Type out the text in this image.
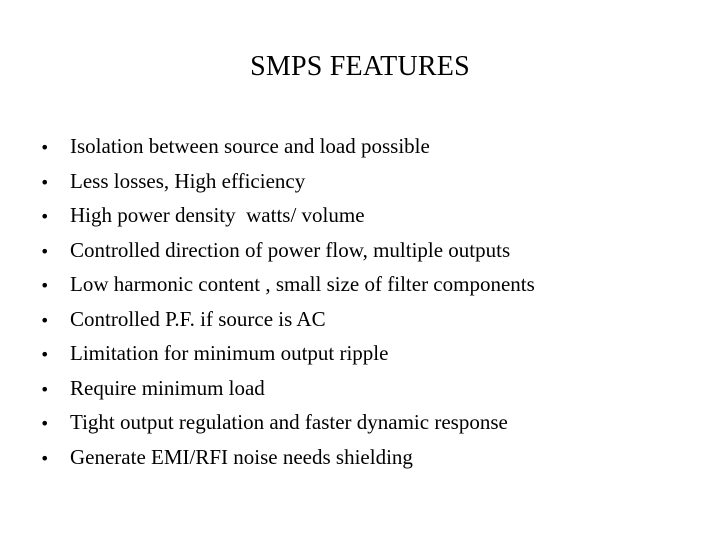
SMPS FEATURES
• Isolation between source and load possible
• Less losses, High efficiency
• High power density  watts/ volume
• Controlled direction of power flow, multiple outputs
• Low harmonic content , small size of filter components
• Controlled P.F. if source is AC
• Limitation for minimum output ripple
• Require minimum load
• Tight output regulation and faster dynamic response
• Generate EMI/RFI noise needs shielding
